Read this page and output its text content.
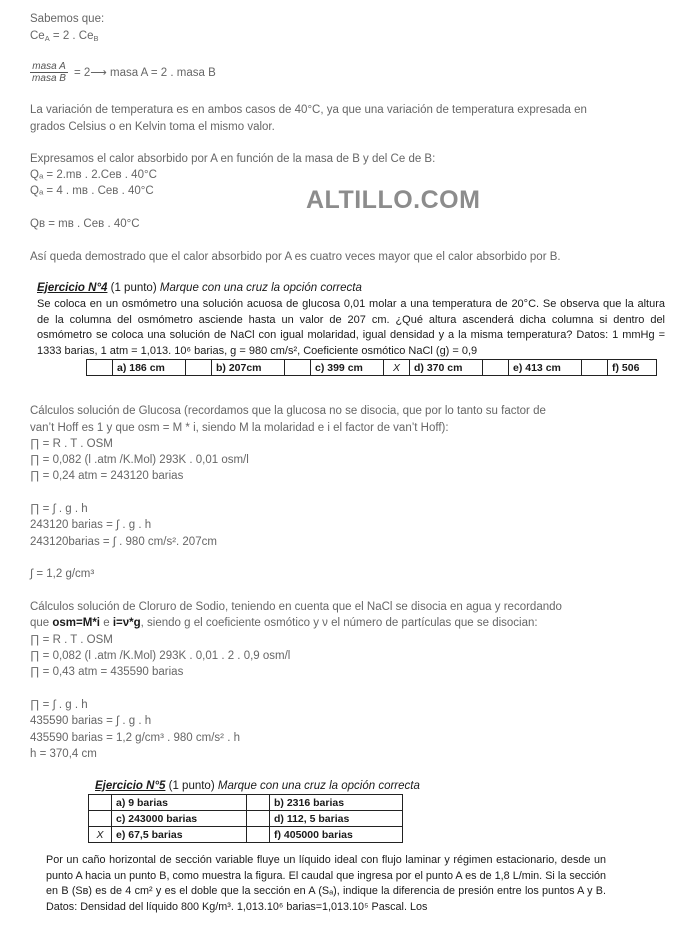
Sabemos que:
$Ce_A = 2$ . $Ce_B$
masa A
masa B = 2⟶ masa A = 2 . masa B
La variación de temperatura es en ambos casos de 40°C, ya que una variación de temperatura expresada en
grados Celsius o en Kelvin toma el mismo valor.
Expresamos el calor absorbido por A en función de la masa de B y del Ce de B:
Qₐ = 2.mʙ . 2.Ceʙ . 40°C
Qₐ = 4 . mʙ . Ceʙ . 40°C
Qʙ = mʙ . Ceʙ . 40°C
ALTILLO.COM
Así queda demostrado que el calor absorbido por A es cuatro veces mayor que el calor absorbido por B.
Ejercicio N°4 (1 punto) Marque con una cruz la opción correcta
Se coloca en un osmómetro una solución acuosa de glucosa 0,01 molar a una temperatura de 20°C. Se observa que la altura de la columna del osmómetro asciende hasta un valor de 207 cm. ¿Qué altura ascenderá dicha columna si dentro del osmómetro se coloca una solución de NaCl con igual molaridad, igual densidad y a la misma temperatura? Datos: 1 mmHg = 1333 barias, 1 atm = 1,013. 10⁶ barias, g = 980 cm/s², Coeficiente osmótico NaCl (g) = 0,9
	a) 186 cm		b) 207cm		c) 399 cm	X	d) 370 cm		e) 413 cm		f) 506
Cálculos solución de Glucosa (recordamos que la glucosa no se disocia, que por lo tanto su factor de
van’t Hoff es 1 y que osm = M * i, siendo M la molaridad e i el factor de van’t Hoff):
∏ = R . T . OSM
∏ = 0,082 (l .atm /K.Mol) 293K . 0,01 osm/l
∏ = 0,24 atm = 243120 barias
∏ = ∫ . g . h
243120 barias = ∫ . g . h
243120barias = ∫ . 980 cm/s². 207cm
∫ = 1,2 g/cm³
Cálculos solución de Cloruro de Sodio, teniendo en cuenta que el NaCl se disocia en agua y recordando
que osm=M*i e i=ν*g, siendo g el coeficiente osmótico y ν el número de partículas que se disocian:
∏ = R . T . OSM
∏ = 0,082 (l .atm /K.Mol) 293K . 0,01 . 2 . 0,9 osm/l
∏ = 0,43 atm = 435590 barias
∏ = ∫ . g . h
435590 barias = ∫ . g . h
435590 barias = 1,2 g/cm³ . 980 cm/s² . h
h = 370,4 cm
Ejercicio N°5 (1 punto) Marque con una cruz la opción correcta
	a) 9 barias		b) 2316 barias
	c) 243000 barias		d) 112, 5 barias
X	e) 67,5 barias		f) 405000 barias
Por un caño horizontal de sección variable fluye un líquido ideal con flujo laminar y régimen estacionario, desde un punto A hacia un punto B, como muestra la figura. El caudal que ingresa por el punto A es de 1,8 L/min. Si la sección en B (Sʙ) es de 4 cm² y es el doble que la sección en A (Sₐ), indique la diferencia de presión entre los puntos A y B. Datos: Densidad del líquido 800 Kg/m³. 1,013.10⁶ barias=1,013.10⁵ Pascal. Los
